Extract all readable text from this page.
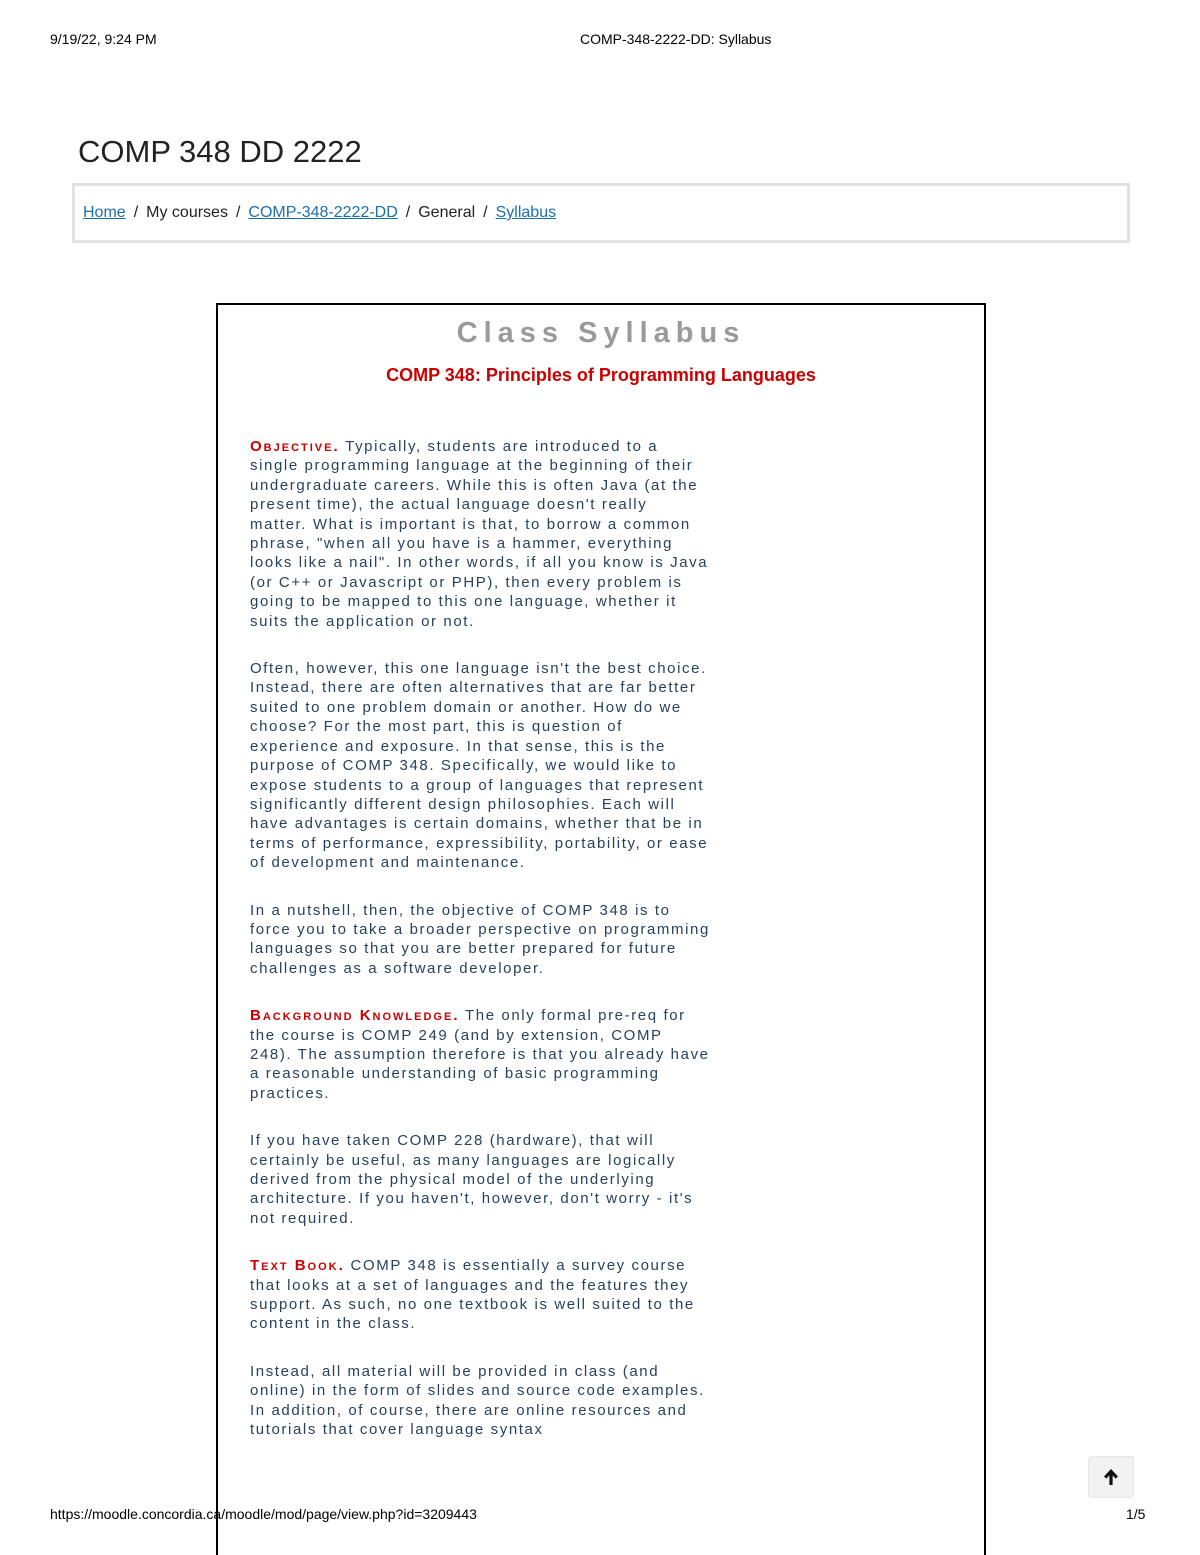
9/19/22, 9:24 PM	COMP-348-2222-DD: Syllabus
COMP 348 DD 2222
Home / My courses / COMP-348-2222-DD / General / Syllabus
Class Syllabus
COMP 348: Principles of Programming Languages

Objective. Typically, students are introduced to a single programming language at the beginning of their undergraduate careers. While this is often Java (at the present time), the actual language doesn't really matter. What is important is that, to borrow a common phrase, "when all you have is a hammer, everything looks like a nail". In other words, if all you know is Java (or C++ or Javascript or PHP), then every problem is going to be mapped to this one language, whether it suits the application or not.

Often, however, this one language isn't the best choice. Instead, there are often alternatives that are far better suited to one problem domain or another. How do we choose? For the most part, this is question of experience and exposure. In that sense, this is the purpose of COMP 348. Specifically, we would like to expose students to a group of languages that represent significantly different design philosophies. Each will have advantages is certain domains, whether that be in terms of performance, expressibility, portability, or ease of development and maintenance.

In a nutshell, then, the objective of COMP 348 is to force you to take a broader perspective on programming languages so that you are better prepared for future challenges as a software developer.

Background Knowledge. The only formal pre-req for the course is COMP 249 (and by extension, COMP 248). The assumption therefore is that you already have a reasonable understanding of basic programming practices.

If you have taken COMP 228 (hardware), that will certainly be useful, as many languages are logically derived from the physical model of the underlying architecture. If you haven't, however, don't worry - it's not required.

Text Book. COMP 348 is essentially a survey course that looks at a set of languages and the features they support. As such, no one textbook is well suited to the content in the class.

Instead, all material will be provided in class (and online) in the form of slides and source code examples. In addition, of course, there are online resources and tutorials that cover language syntax

https://moodle.concordia.ca/moodle/mod/page/view.php?id=3209443	1/5
